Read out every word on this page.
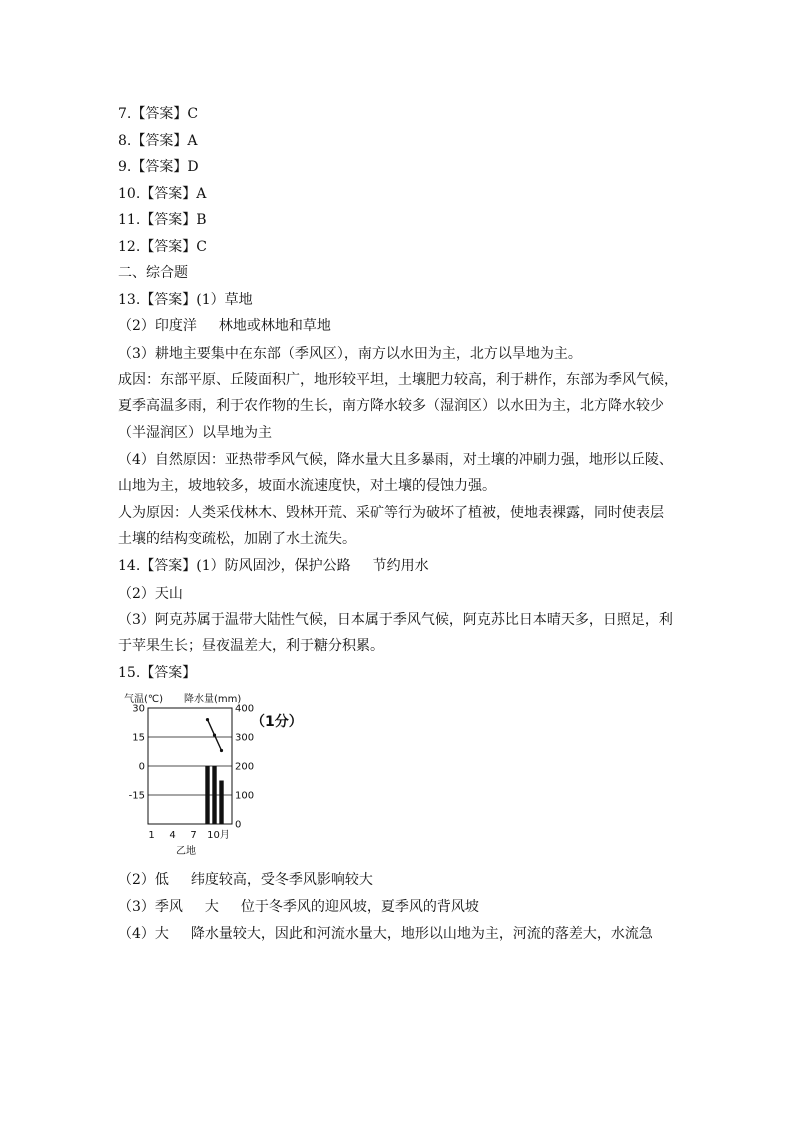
7.【答案】C
8.【答案】A
9.【答案】D
10.【答案】A
11.【答案】B
12.【答案】C
二、综合题
13.【答案】(1）草地
（2）印度洋 林地或林地和草地
（3）耕地主要集中在东部（季风区），南方以水田为主，北方以旱地为主。
成因：东部平原、丘陵面积广，地形较平坦，土壤肥力较高，利于耕作，东部为季风气候，
夏季高温多雨，利于农作物的生长，南方降水较多（湿润区）以水田为主，北方降水较少
（半湿润区）以旱地为主
（4）自然原因：亚热带季风气候，降水量大且多暴雨，对土壤的冲刷力强，地形以丘陵、
山地为主，坡地较多，坡面水流速度快，对土壤的侵蚀力强。
人为原因：人类采伐林木、毁林开荒、采矿等行为破坏了植被，使地表裸露，同时使表层
土壤的结构变疏松，加剧了水土流失。
14.【答案】(1）防风固沙，保护公路 节约用水
（2）天山
（3）阿克苏属于温带大陆性气候，日本属于季风气候，阿克苏比日本晴天多，日照足，利
于苹果生长；昼夜温差大，利于糖分积累。
15.【答案】
气温(℃) 降水量(mm)
（1分）
30
15
0
-15
400
300
200
100
0
1 4 7 10月
乙地
（2）低 纬度较高，受冬季风影响较大
（3）季风 大 位于冬季风的迎风坡，夏季风的背风坡
（4）大 降水量较大，因此和河流水量大，地形以山地为主，河流的落差大，水流急
